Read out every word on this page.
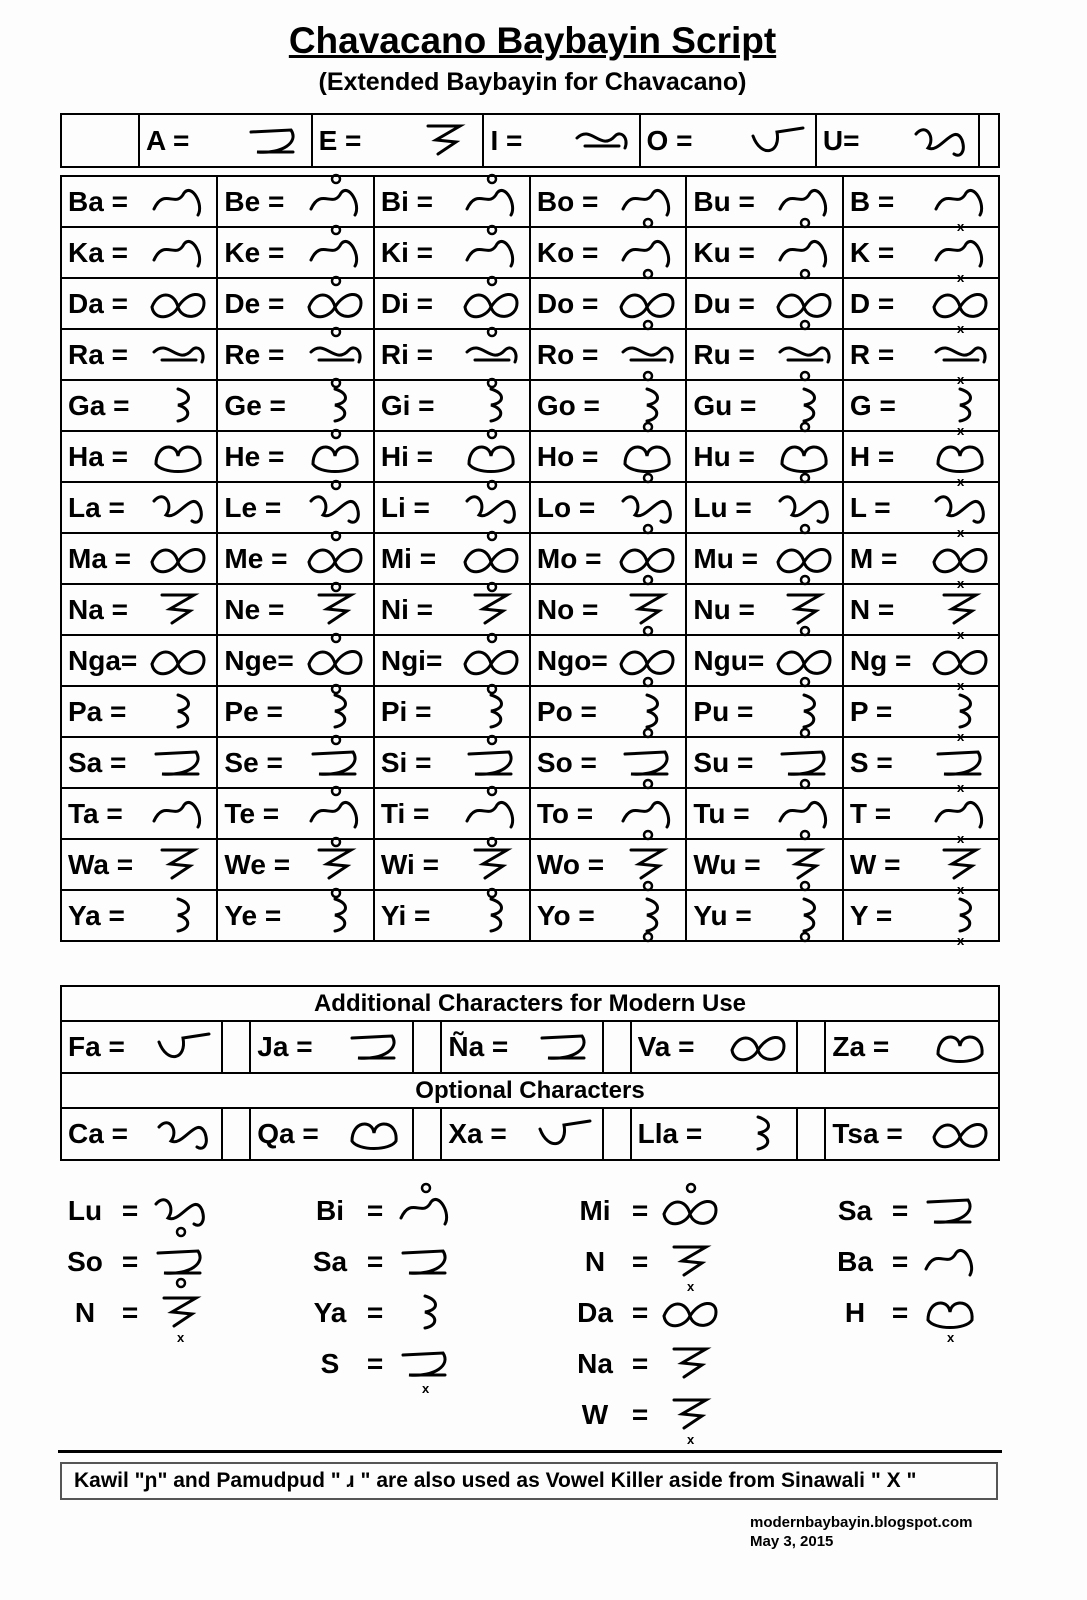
Chavacano Baybayin Script
(Extended Baybayin for Chavacano)

A =	E =	I =	O =	U=

Ba =	Be =	Bi =	Bo =	Bu =	B =
x

Ka =	Ke =	Ki =	Ko =	Ku =	K =
x

Da =	De =	Di =	Do =	Du =	D =
x

Ra =	Re =	Ri =	Ro =	Ru =	R =
x

Ga =	Ge =	Gi =	Go =	Gu =	G =
x

Ha =	He =	Hi =	Ho =	Hu =	H =
x

La =	Le =	Li =	Lo =	Lu =	L =
x

Ma =	Me =	Mi =	Mo =	Mu =	M =
x

Na =	Ne =	Ni =	No =	Nu =	N =
x

Nga=	Nge=	Ngi=	Ngo=	Ngu=	Ng =
x

Pa =	Pe =	Pi =	Po =	Pu =	P =
x

Sa =	Se =	Si =	So =	Su =	S =
x

Ta =	Te =	Ti =	To =	Tu =	T =
x

Wa =	We =	Wi =	Wo =	Wu =	W =
x

Ya =	Ye =	Yi =	Yo =	Yu =	Y =
x
Additional Characters for Modern Use								

Fa =		Ja =		Ña =		Va =		Za =

Optional Characters								

Ca =		Qa =		Xa =		Lla =		Tsa =
Lu =
So =
N =
x
Bi =
Sa =
Ya =
S =
x
Mi =
N =
x
Da =
Na =
W =
x
Sa =
Ba =
H =
x
Kawil "ɲ" and Pamudpud " ɹ " are also used as Vowel Killer aside from Sinawali " X "
modernbaybayin.blogspot.com
May 3, 2015
